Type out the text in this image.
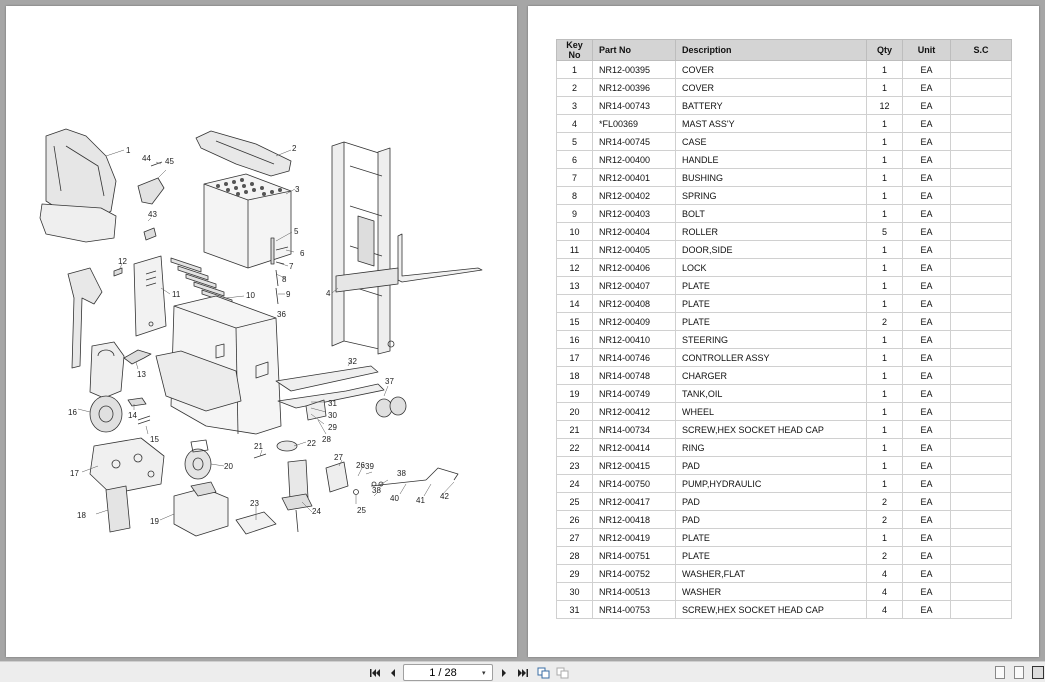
1	2
3
4
5
6
7
8
9
10
11
12
13
14
15
16
17
18
19
20
21	22
23
24	25
26
27
28
29
30
31
32
36
37
38
38
39
40 41 42
43
44 45
Key No	Part No	Description	Qty	Unit	S.C
1	NR12-00395	COVER	1	EA	
2	NR12-00396	COVER	1	EA	
3	NR14-00743	BATTERY	12	EA	
4	*FL00369	MAST ASS'Y	1	EA	
5	NR14-00745	CASE	1	EA	
6	NR12-00400	HANDLE	1	EA	
7	NR12-00401	BUSHING	1	EA	
8	NR12-00402	SPRING	1	EA	
9	NR12-00403	BOLT	1	EA	
10	NR12-00404	ROLLER	5	EA	
11	NR12-00405	DOOR,SIDE	1	EA	
12	NR12-00406	LOCK	1	EA	
13	NR12-00407	PLATE	1	EA	
14	NR12-00408	PLATE	1	EA	
15	NR12-00409	PLATE	2	EA	
16	NR12-00410	STEERING	1	EA	
17	NR14-00746	CONTROLLER ASSY	1	EA	
18	NR14-00748	CHARGER	1	EA	
19	NR14-00749	TANK,OIL	1	EA	
20	NR12-00412	WHEEL	1	EA	
21	NR14-00734	SCREW,HEX SOCKET HEAD CAP	1	EA	
22	NR12-00414	RING	1	EA	
23	NR12-00415	PAD	1	EA	
24	NR14-00750	PUMP,HYDRAULIC	1	EA	
25	NR12-00417	PAD	2	EA	
26	NR12-00418	PAD	2	EA	
27	NR12-00419	PLATE	1	EA	
28	NR14-00751	PLATE	2	EA	
29	NR14-00752	WASHER,FLAT	4	EA	
30	NR14-00513	WASHER	4	EA	
31	NR14-00753	SCREW,HEX SOCKET HEAD CAP	4	EA	
1 / 28	▾
